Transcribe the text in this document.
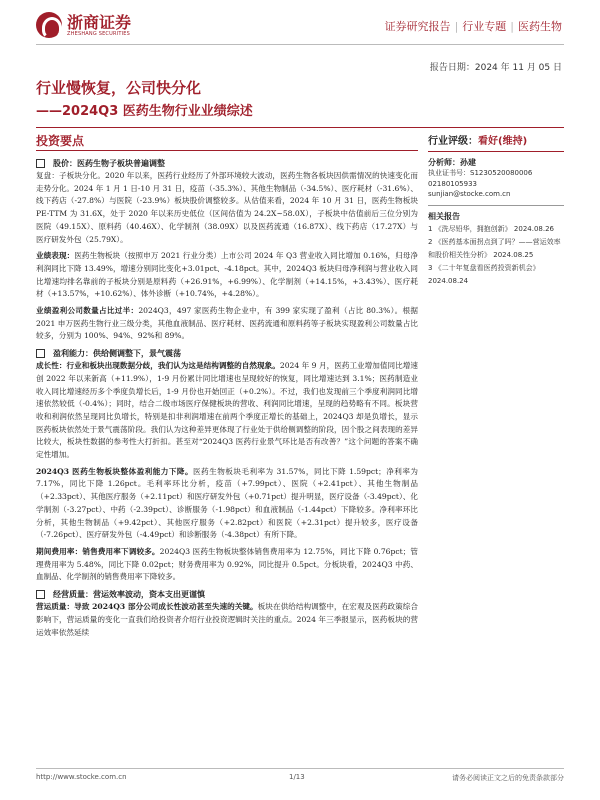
浙商证券
ZHESHANG SECURITIES
证券研究报告 | 行业专题 | 医药生物
报告日期：2024 年 11 月 05 日
行业慢恢复，公司快分化
——2024Q3 医药生物行业业绩综述
投资要点
股价：医药生物子板块普遍调整

复盘：子板块分化。2020 年以来，医药行业经历了外部环境较大波动，医药生物各板块因供需情况的快速变化而走势分化。2024 年 1 月 1 日-10 月 31 日，疫苗（-35.3%）、其他生物制品（-34.5%）、医疗耗材（-31.6%）、线下药店（-27.8%）与医院（-23.9%）板块股价调整较多。从估值来看，2024 年 10 月 31 日，医药生物板块 PE-TTM 为 31.6X，处于 2020 年以来历史低位（区间估值为 24.2X~58.0X），子板块中估值前后三位分别为医院（49.15X）、原料药（40.46X）、化学制剂（38.09X）以及医药流通（16.87X）、线下药店（17.27X）与医疗研发外包（25.79X）。

业绩表现：医药生物板块（按照申万 2021 行业分类）上市公司 2024 年 Q3 营业收入同比增加 0.16%，归母净利润同比下降 13.49%，增速分别同比变化+3.01pct、-4.18pct。其中，2024Q3 板块归母净利润与营业收入同比增速均排名靠前的子板块分别是原料药（+26.91%，+6.99%）、化学制剂（+14.15%，+3.43%）、医疗耗材（+13.57%，+10.62%）、体外诊断（+10.74%，+4.28%）。

业绩盈利公司数量占比过半：2024Q3，497 家医药生物企业中，有 399 家实现了盈利（占比 80.3%）。根据 2021 申万医药生物行业三级分类，其他血液制品、医疗耗材、医药流通和原料药等子板块实现盈利公司数量占比较多，分别为 100%、94%、92%和 89%。

盈利能力：供给侧调整下，景气震荡

成长性：行业和板块出现数据分歧，我们认为这是结构调整的自然现象。2024 年 9 月，医药工业增加值同比增速创 2022 年以来新高（+11.9%），1-9 月份累计同比增速也呈现较好的恢复，同比增速达到 3.1%；医药制造业收入同比增速经历多个季度负增长后，1-9 月份也开始回正（+0.2%）。不过，我们也发现前三个季度利润同比增速依然较低（-0.4%）；同时，结合二级市场医疗保健板块的营收、利润同比增速，呈现的趋势略有不同。板块营收和利润依然呈现同比负增长，特别是扣非利润增速在前两个季度正增长的基础上，2024Q3 却是负增长，显示医药板块依然处于景气震荡阶段。我们认为这种差异更体现了行业处于供给侧调整的阶段，因个股之间表现的差异比较大，板块性数据的参考性大打折扣。甚至对“2024Q3 医药行业景气环比是否有改善？”这个问题的答案不确定性增加。

2024Q3 医药生物板块整体盈利能力下降。医药生物板块毛利率为 31.57%，同比下降 1.59pct；净利率为 7.17%，同比下降 1.26pct。毛利率环比分析，疫苗（+7.99pct）、医院（+2.41pct）、其他生物制品（+2.33pct）、其他医疗服务（+2.11pct）和医疗研发外包（+0.71pct）提升明显，医疗设备（-3.49pct）、化学制剂（-3.27pct）、中药（-2.39pct）、诊断服务（-1.98pct）和血液制品（-1.44pct）下降较多。净利率环比分析，其他生物制品（+9.42pct）、其他医疗服务（+2.82pct）和医院（+2.31pct）提升较多，医疗设备（-7.26pct）、医疗研发外包（-4.49pct）和诊断服务（-4.38pct）有所下降。

期间费用率：销售费用率下调较多。2024Q3 医药生物板块整体销售费用率为 12.75%，同比下降 0.76pct；管理费用率为 5.48%，同比下降 0.02pct；财务费用率为 0.92%，同比提升 0.5pct。分板块看，2024Q3 中药、血制品、化学制剂的销售费用率下降较多。

经营质量：营运效率波动，资本支出更谨慎

营运质量：导致 2024Q3 部分公司成长性波动甚至失速的关键。板块在供给结构调整中，在宏观及医药政策综合影响下，营运质量的变化一直我们给投资者介绍行业投资逻辑时关注的重点。2024 年三季报显示，医药板块的营运效率依然延续

行业评级：看好(维持)
分析师：孙建
执业证书号：S1230520080006
02180105933
sunjian@stocke.com.cn
相关报告
1 《洗尽铅华，拥抱创新》 2024.08.26
2 《医药基本面拐点到了吗？——营运效率和股价相关性分析》 2024.08.25
3 《二十年复盘看医药投资新机会》 2024.08.24
http://www.stocke.com.cn	1/13	请务必阅读正文之后的免责条款部分
